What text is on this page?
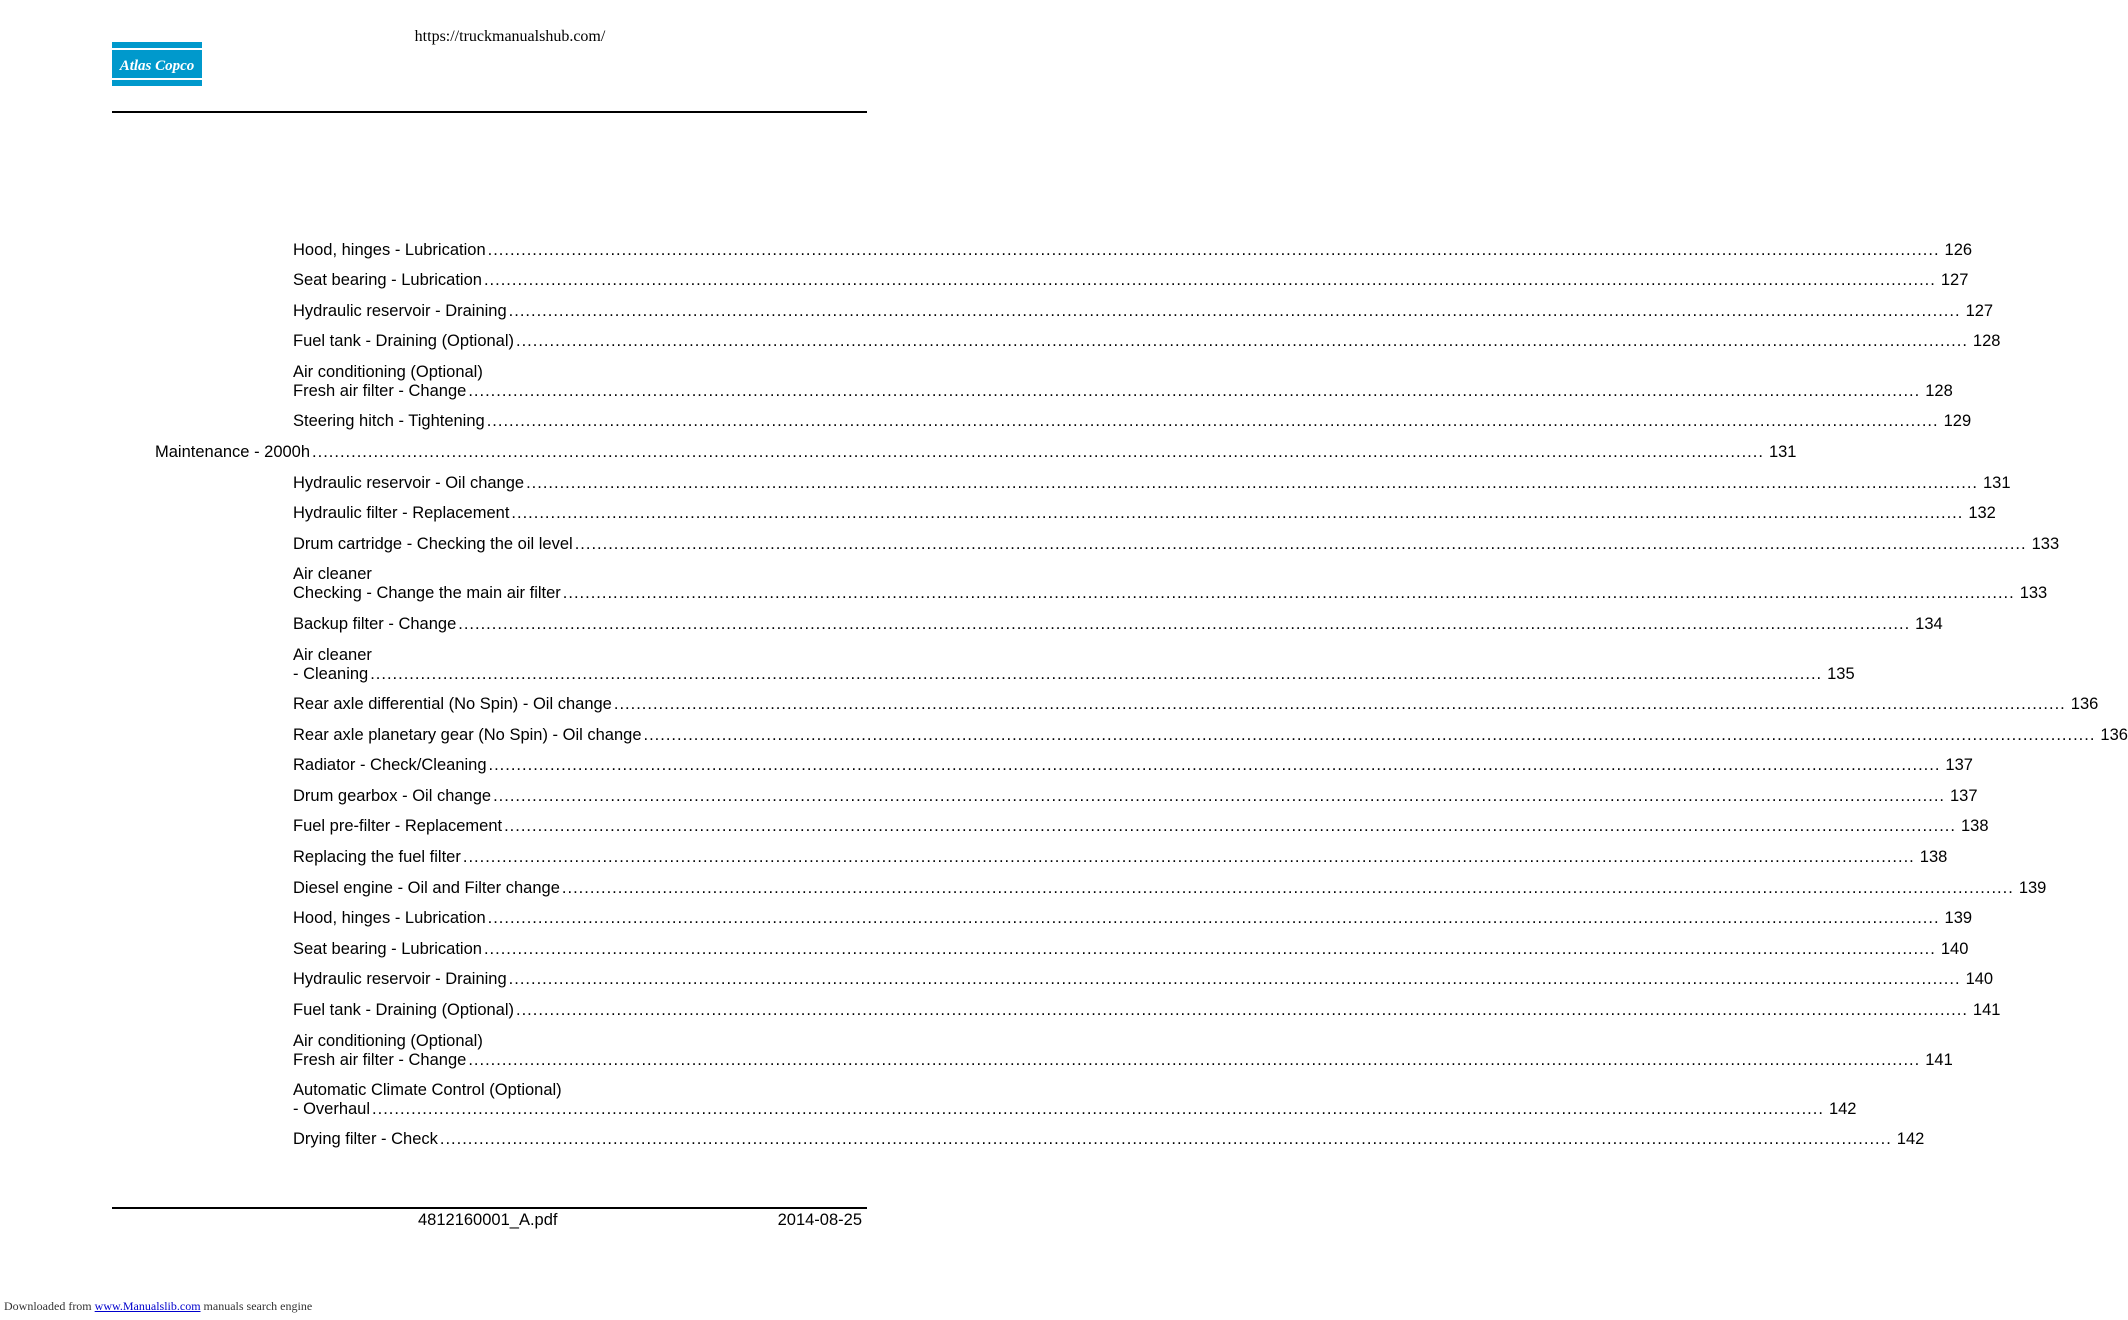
https://truckmanualshub.com/
Atlas Copco
Hood, hinges - Lubrication .................................................................................................................................................................................................................................................................... 126
Seat bearing - Lubrication .................................................................................................................................................................................................................................................................... 127
Hydraulic reservoir - Draining .................................................................................................................................................................................................................................................................... 127
Fuel tank - Draining (Optional) .................................................................................................................................................................................................................................................................... 128
Air conditioning (Optional)
Fresh air filter - Change .................................................................................................................................................................................................................................................................... 128
Steering hitch - Tightening .................................................................................................................................................................................................................................................................... 129
Maintenance - 2000h .................................................................................................................................................................................................................................................................... 131
Hydraulic reservoir - Oil change .................................................................................................................................................................................................................................................................... 131
Hydraulic filter - Replacement .................................................................................................................................................................................................................................................................... 132
Drum cartridge - Checking the oil level .................................................................................................................................................................................................................................................................... 133
Air cleaner
Checking - Change the main air filter .................................................................................................................................................................................................................................................................... 133
Backup filter - Change .................................................................................................................................................................................................................................................................... 134
Air cleaner
- Cleaning .................................................................................................................................................................................................................................................................... 135
Rear axle differential (No Spin) - Oil change .................................................................................................................................................................................................................................................................... 136
Rear axle planetary gear (No Spin) - Oil change .................................................................................................................................................................................................................................................................... 136
Radiator - Check/Cleaning .................................................................................................................................................................................................................................................................... 137
Drum gearbox - Oil change .................................................................................................................................................................................................................................................................... 137
Fuel pre-filter - Replacement .................................................................................................................................................................................................................................................................... 138
Replacing the fuel filter .................................................................................................................................................................................................................................................................... 138
Diesel engine - Oil and Filter change .................................................................................................................................................................................................................................................................... 139
Hood, hinges - Lubrication .................................................................................................................................................................................................................................................................... 139
Seat bearing - Lubrication .................................................................................................................................................................................................................................................................... 140
Hydraulic reservoir - Draining .................................................................................................................................................................................................................................................................... 140
Fuel tank - Draining (Optional) .................................................................................................................................................................................................................................................................... 141
Air conditioning (Optional)
Fresh air filter - Change .................................................................................................................................................................................................................................................................... 141
Automatic Climate Control (Optional)
- Overhaul .................................................................................................................................................................................................................................................................... 142
Drying filter - Check .................................................................................................................................................................................................................................................................... 142
4812160001_A.pdf	2014-08-25
Downloaded from www.Manualslib.com manuals search engine
